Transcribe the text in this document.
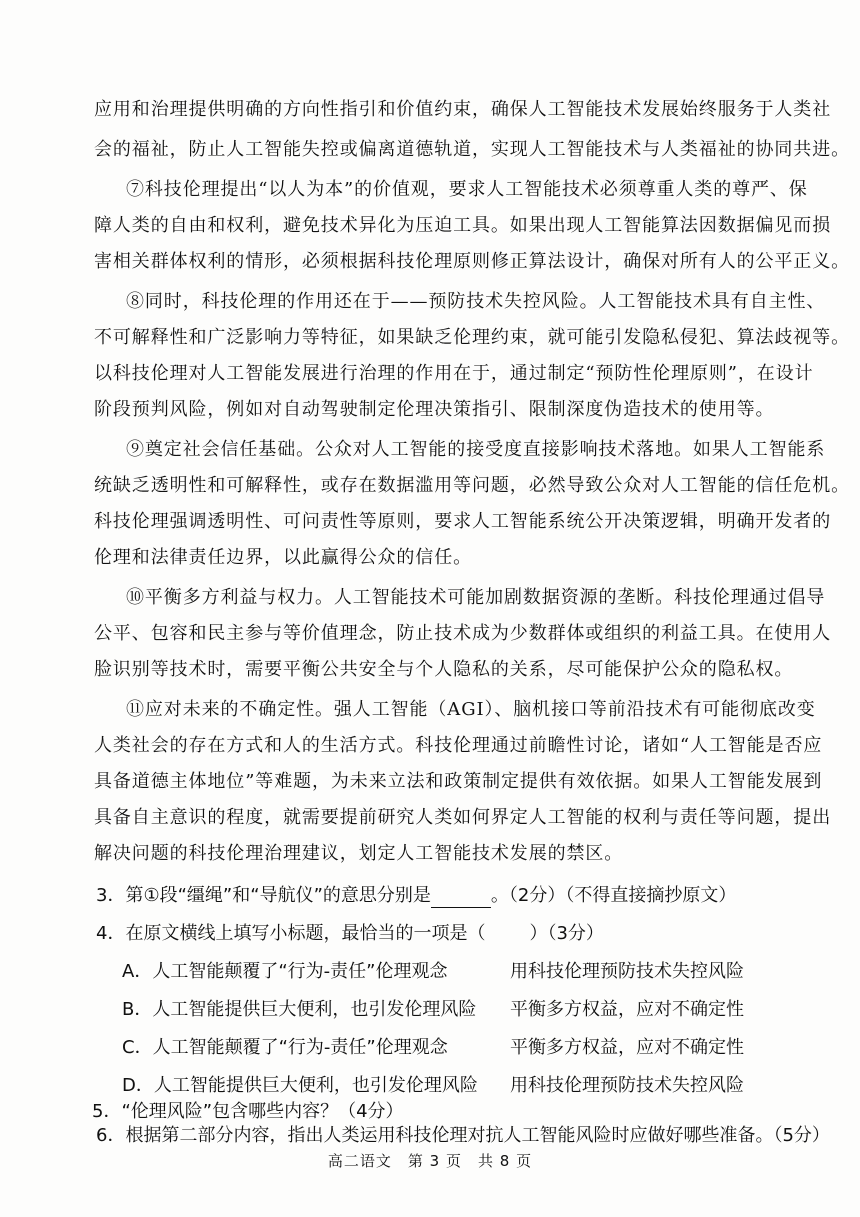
应用和治理提供明确的方向性指引和价值约束，确保人工智能技术发展始终服务于人类社
会的福祉，防止人工智能失控或偏离道德轨道，实现人工智能技术与人类福祉的协同共进。
⑦科技伦理提出“以人为本”的价值观，要求人工智能技术必须尊重人类的尊严、保
障人类的自由和权利，避免技术异化为压迫工具。如果出现人工智能算法因数据偏见而损
害相关群体权利的情形，必须根据科技伦理原则修正算法设计，确保对所有人的公平正义。
⑧同时，科技伦理的作用还在于——预防技术失控风险。人工智能技术具有自主性、
不可解释性和广泛影响力等特征，如果缺乏伦理约束，就可能引发隐私侵犯、算法歧视等。
以科技伦理对人工智能发展进行治理的作用在于，通过制定“预防性伦理原则”，在设计
阶段预判风险，例如对自动驾驶制定伦理决策指引、限制深度伪造技术的使用等。
⑨奠定社会信任基础。公众对人工智能的接受度直接影响技术落地。如果人工智能系
统缺乏透明性和可解释性，或存在数据滥用等问题，必然导致公众对人工智能的信任危机。
科技伦理强调透明性、可问责性等原则，要求人工智能系统公开决策逻辑，明确开发者的
伦理和法律责任边界，以此赢得公众的信任。
⑩平衡多方利益与权力。人工智能技术可能加剧数据资源的垄断。科技伦理通过倡导
公平、包容和民主参与等价值理念，防止技术成为少数群体或组织的利益工具。在使用人
脸识别等技术时，需要平衡公共安全与个人隐私的关系，尽可能保护公众的隐私权。
⑪应对未来的不确定性。强人工智能（AGI）、脑机接口等前沿技术有可能彻底改变
人类社会的存在方式和人的生活方式。科技伦理通过前瞻性讨论，诸如“人工智能是否应
具备道德主体地位”等难题，为未来立法和政策制定提供有效依据。如果人工智能发展到
具备自主意识的程度，就需要提前研究人类如何界定人工智能的权利与责任等问题，提出
解决问题的科技伦理治理建议，划定人工智能技术发展的禁区。
3．第①段“缰绳”和“导航仪”的意思分别是	。（2分）（不得直接摘抄原文）
4．在原文横线上填写小标题，最恰当的一项是（ ）（3分）
A．人工智能颠覆了“行为-责任”伦理观念	用科技伦理预防技术失控风险
B．人工智能提供巨大便利，也引发伦理风险 平衡多方权益，应对不确定性
C．人工智能颠覆了“行为-责任”伦理观念	平衡多方权益，应对不确定性
D．人工智能提供巨大便利，也引发伦理风险 用科技伦理预防技术失控风险
5．“伦理风险”包含哪些内容？（4分）
6．根据第二部分内容，指出人类运用科技伦理对抗人工智能风险时应做好哪些准备。（5分）
高二语文　第 3 页　共 8 页
